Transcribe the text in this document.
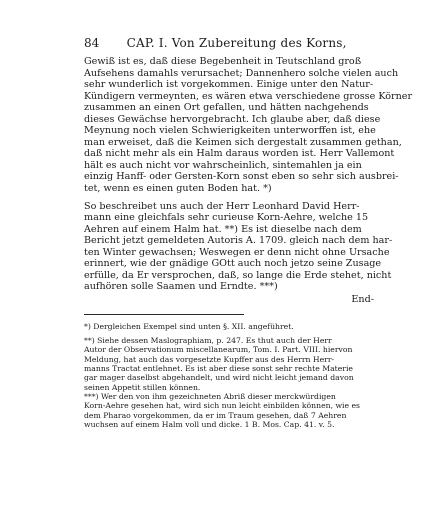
84	CAP. I. Von Zubereitung des Korns,
Gewiß ist es, daß diese Begebenheit in Teutschland groß
Aufsehens damahls verursachet; Dannenhero solche vielen auch
sehr wunderlich ist vorgekommen. Einige unter den Natur-
Kündigern vermeynten, es wären etwa verschiedene grosse Körner
zusammen an einen Ort gefallen, und hätten nachgehends
dieses Gewächse hervorgebracht. Ich glaube aber, daß diese
Meynung noch vielen Schwierigkeiten unterworffen ist, ehe
man erweiset, daß die Keimen sich dergestalt zusammen gethan,
daß nicht mehr als ein Halm daraus worden ist. Herr Vallemont
hält es auch nicht vor wahrscheinlich, sintemahlen ja ein
einzig Hanff- oder Gersten-Korn sonst eben so sehr sich ausbrei-
tet, wenn es einen guten Boden hat. *)
So beschreibet uns auch der Herr Leonhard David Herr-
mann eine gleichfals sehr curieuse Korn-Aehre, welche 15
Aehren auf einem Halm hat. **) Es ist dieselbe nach dem
Bericht jetzt gemeldeten Autoris A. 1709. gleich nach dem har-
ten Winter gewachsen; Weswegen er denn nicht ohne Ursache
erinnert, wie der gnädige GOtt auch noch jetzo seine Zusage
erfülle, da Er versprochen, daß, so lange die Erde stehet, nicht
aufhören solle Saamen und Erndte. ***)
End-
*) Dergleichen Exempel sind unten §. XII. angeführet.
**) Siehe dessen Maslographiam, p. 247. Es thut auch der Herr
Autor der Observationum miscellanearum, Tom. I. Part. VIII. hiervon
Meldung, hat auch das vorgesetzte Kupffer aus des Herrn Herr-
manns Tractat entlehnet. Es ist aber diese sonst sehr rechte Materie
gar mager daselbst abgehandelt, und wird nicht leicht jemand davon
seinen Appetit stillen können.
***) Wer den von ihm gezeichneten Abriß dieser merckwürdigen
Korn-Aehre gesehen hat, wird sich nun leicht einbilden können, wie es
dem Pharao vorgekommen, da er im Traum gesehen, daß 7 Aehren
wuchsen auf einem Halm voll und dicke. 1 B. Mos. Cap. 41. v. 5.
